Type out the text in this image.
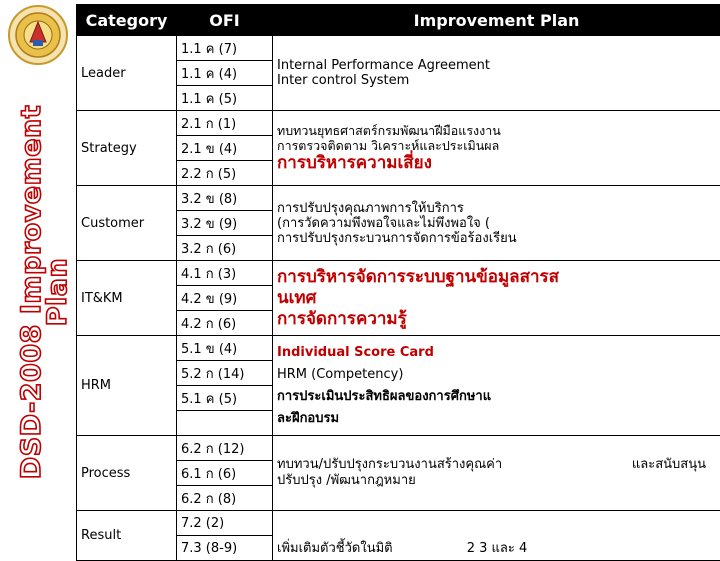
DSD-2008 Improvement
Plan
Category	OFI	Improvement Plan
Leader	1.1 ค (7)	Internal Performance Agreement
Inter control System

	1.1 ค (4)	
	1.1 ค (5)	
Strategy	2.1 ก (1)	ทบทวนยุทธศาสตร์กรมพัฒนาฝีมือแรงงาน
การตรวจติดตาม วิเคราะห์และประเมินผล
การบริหารความเสี่ยง

	2.1 ข (4)	
	2.2 ก (5)	
Customer	3.2 ข (8)	การปรับปรุงคุณภาพการให้บริการ
(การวัดความพึงพอใจและไม่พึงพอใจ (
การปรับปรุงกระบวนการจัดการข้อร้องเรียน

	3.2 ข (9)	
	3.2 ก (6)	
IT&KM	4.1 ก (3)	การบริหารจัดการระบบฐานข้อมูลสารส
นเทศ
การจัดการความรู้

	4.2 ข (9)	
	4.2 ก (6)	
HRM	5.1 ข (4)	Individual Score Card
HRM (Competency)
การประเมินประสิทธิผลของการศึกษาแ
ละฝึกอบรม

	5.2 ก (14)	
	5.1 ค (5)	

Process	6.2 ก (12)	ทบทวน/ปรับปรุงกระบวนงานสร้างคุณค่า และสนับสนุน
ปรับปรุง /พัฒนากฎหมาย

	6.1 ก (6)	
	6.2 ก (8)	
Result	7.2 (2)	เพิ่มเติมตัวชี้วัดในมิติ 2 3 และ 4
	7.3 (8-9)	
